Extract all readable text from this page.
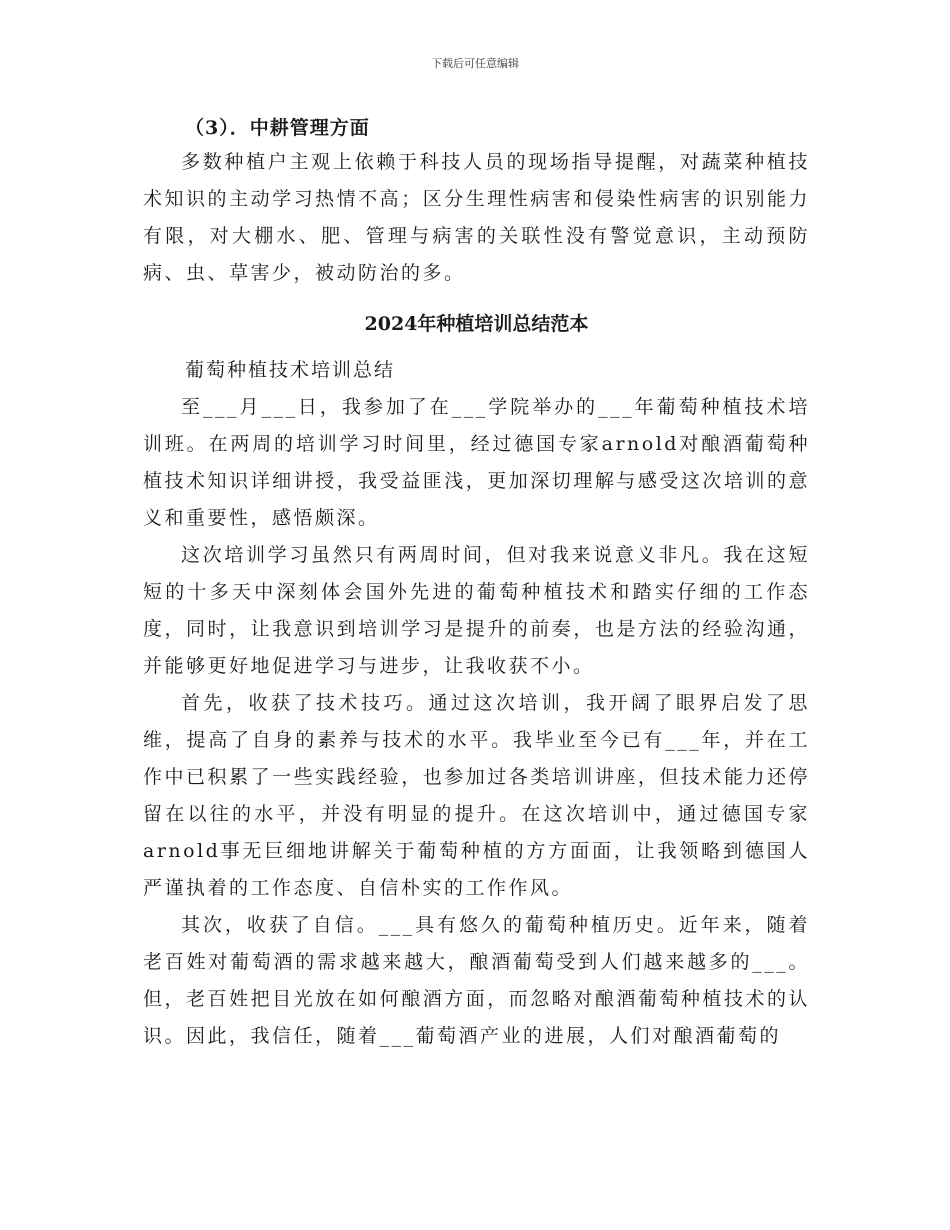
下载后可任意编辑

（3）．中耕管理方面

多数种植户主观上依赖于科技人员的现场指导提醒，对蔬菜种植技术知识的主动学习热情不高；区分生理性病害和侵染性病害的识别能力有限，对大棚水、肥、管理与病害的关联性没有警觉意识，主动预防病、虫、草害少，被动防治的多。

2024年种植培训总结范本

葡萄种植技术培训总结

至___月___日，我参加了在___学院举办的___年葡萄种植技术培训班。在两周的培训学习时间里，经过德国专家arnold对酿酒葡萄种植技术知识详细讲授，我受益匪浅，更加深切理解与感受这次培训的意义和重要性，感悟颇深。

这次培训学习虽然只有两周时间，但对我来说意义非凡。我在这短短的十多天中深刻体会国外先进的葡萄种植技术和踏实仔细的工作态度，同时，让我意识到培训学习是提升的前奏，也是方法的经验沟通，并能够更好地促进学习与进步，让我收获不小。

首先，收获了技术技巧。通过这次培训，我开阔了眼界启发了思维，提高了自身的素养与技术的水平。我毕业至今已有___年，并在工作中已积累了一些实践经验，也参加过各类培训讲座，但技术能力还停留在以往的水平，并没有明显的提升。在这次培训中，通过德国专家arnold事无巨细地讲解关于葡萄种植的方方面面，让我领略到德国人严谨执着的工作态度、自信朴实的工作作风。

其次，收获了自信。___具有悠久的葡萄种植历史。近年来，随着老百姓对葡萄酒的需求越来越大，酿酒葡萄受到人们越来越多的___。但，老百姓把目光放在如何酿酒方面，而忽略对酿酒葡萄种植技术的认识。因此，我信任，随着___葡萄酒产业的进展，人们对酿酒葡萄的
